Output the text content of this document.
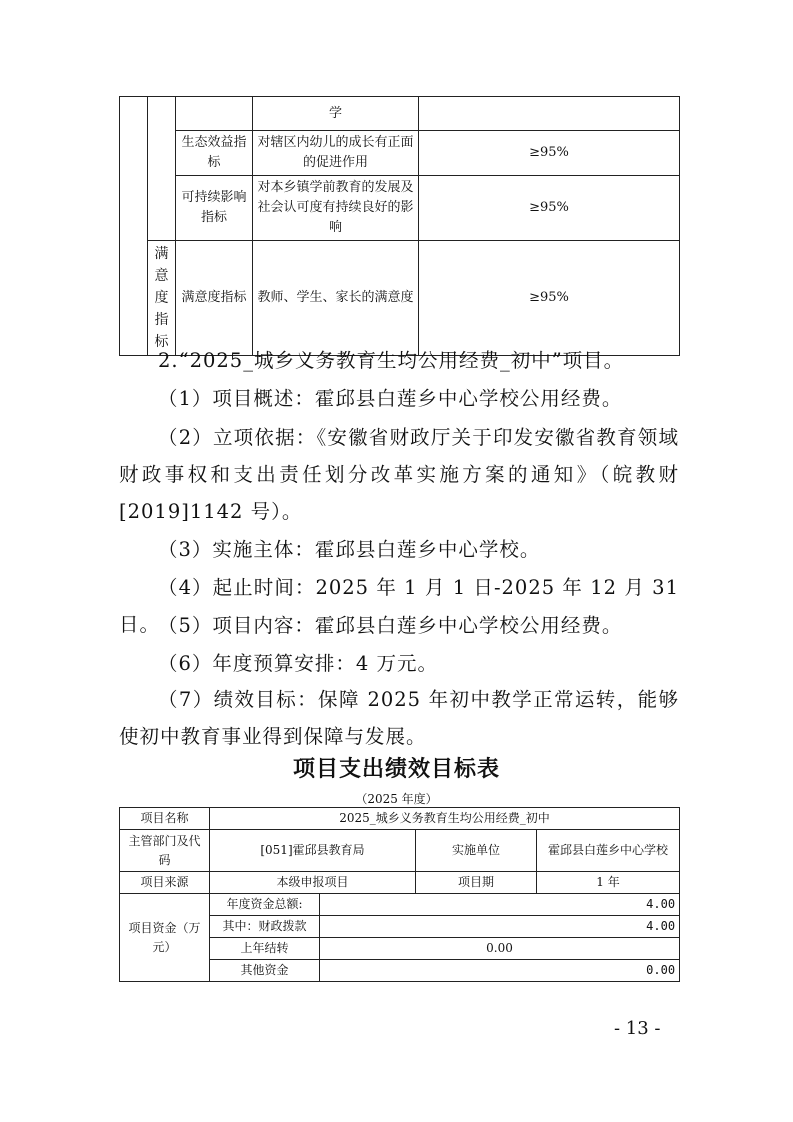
			学	
		生态效益指标	对辖区内幼儿的成长有正面的促进作用	≥95%
		可持续影响指标	对本乡镇学前教育的发展及社会认可度有持续良好的影响	≥95%
	满意度指标	满意度指标	教师、学生、家长的满意度	≥95%
2.“2025_城乡义务教育生均公用经费_初中”项目。
（1）项目概述：霍邱县白莲乡中心学校公用经费。
（2）立项依据：《安徽省财政厅关于印发安徽省教育领域财政事权和支出责任划分改革实施方案的通知》（皖教财[2019]1142 号）。
（3）实施主体：霍邱县白莲乡中心学校。
（4）起止时间：2025 年 1 月 1 日-2025 年 12 月 31 日。
（5）项目内容：霍邱县白莲乡中心学校公用经费。
（6）年度预算安排：4 万元。
（7）绩效目标：保障 2025 年初中教学正常运转，能够使初中教育事业得到保障与发展。
项目支出绩效目标表
（2025 年度）
项目名称	2025_城乡义务教育生均公用经费_初中			
主管部门及代码	[051]霍邱县教育局		实施单位	霍邱县白莲乡中心学校
项目来源	本级申报项目		项目期	1 年
项目资金（万元）	年度资金总额:	4.00		
	其中：财政拨款	4.00		
	上年结转	0.00		
	其他资金	0.00		
- 13 -
